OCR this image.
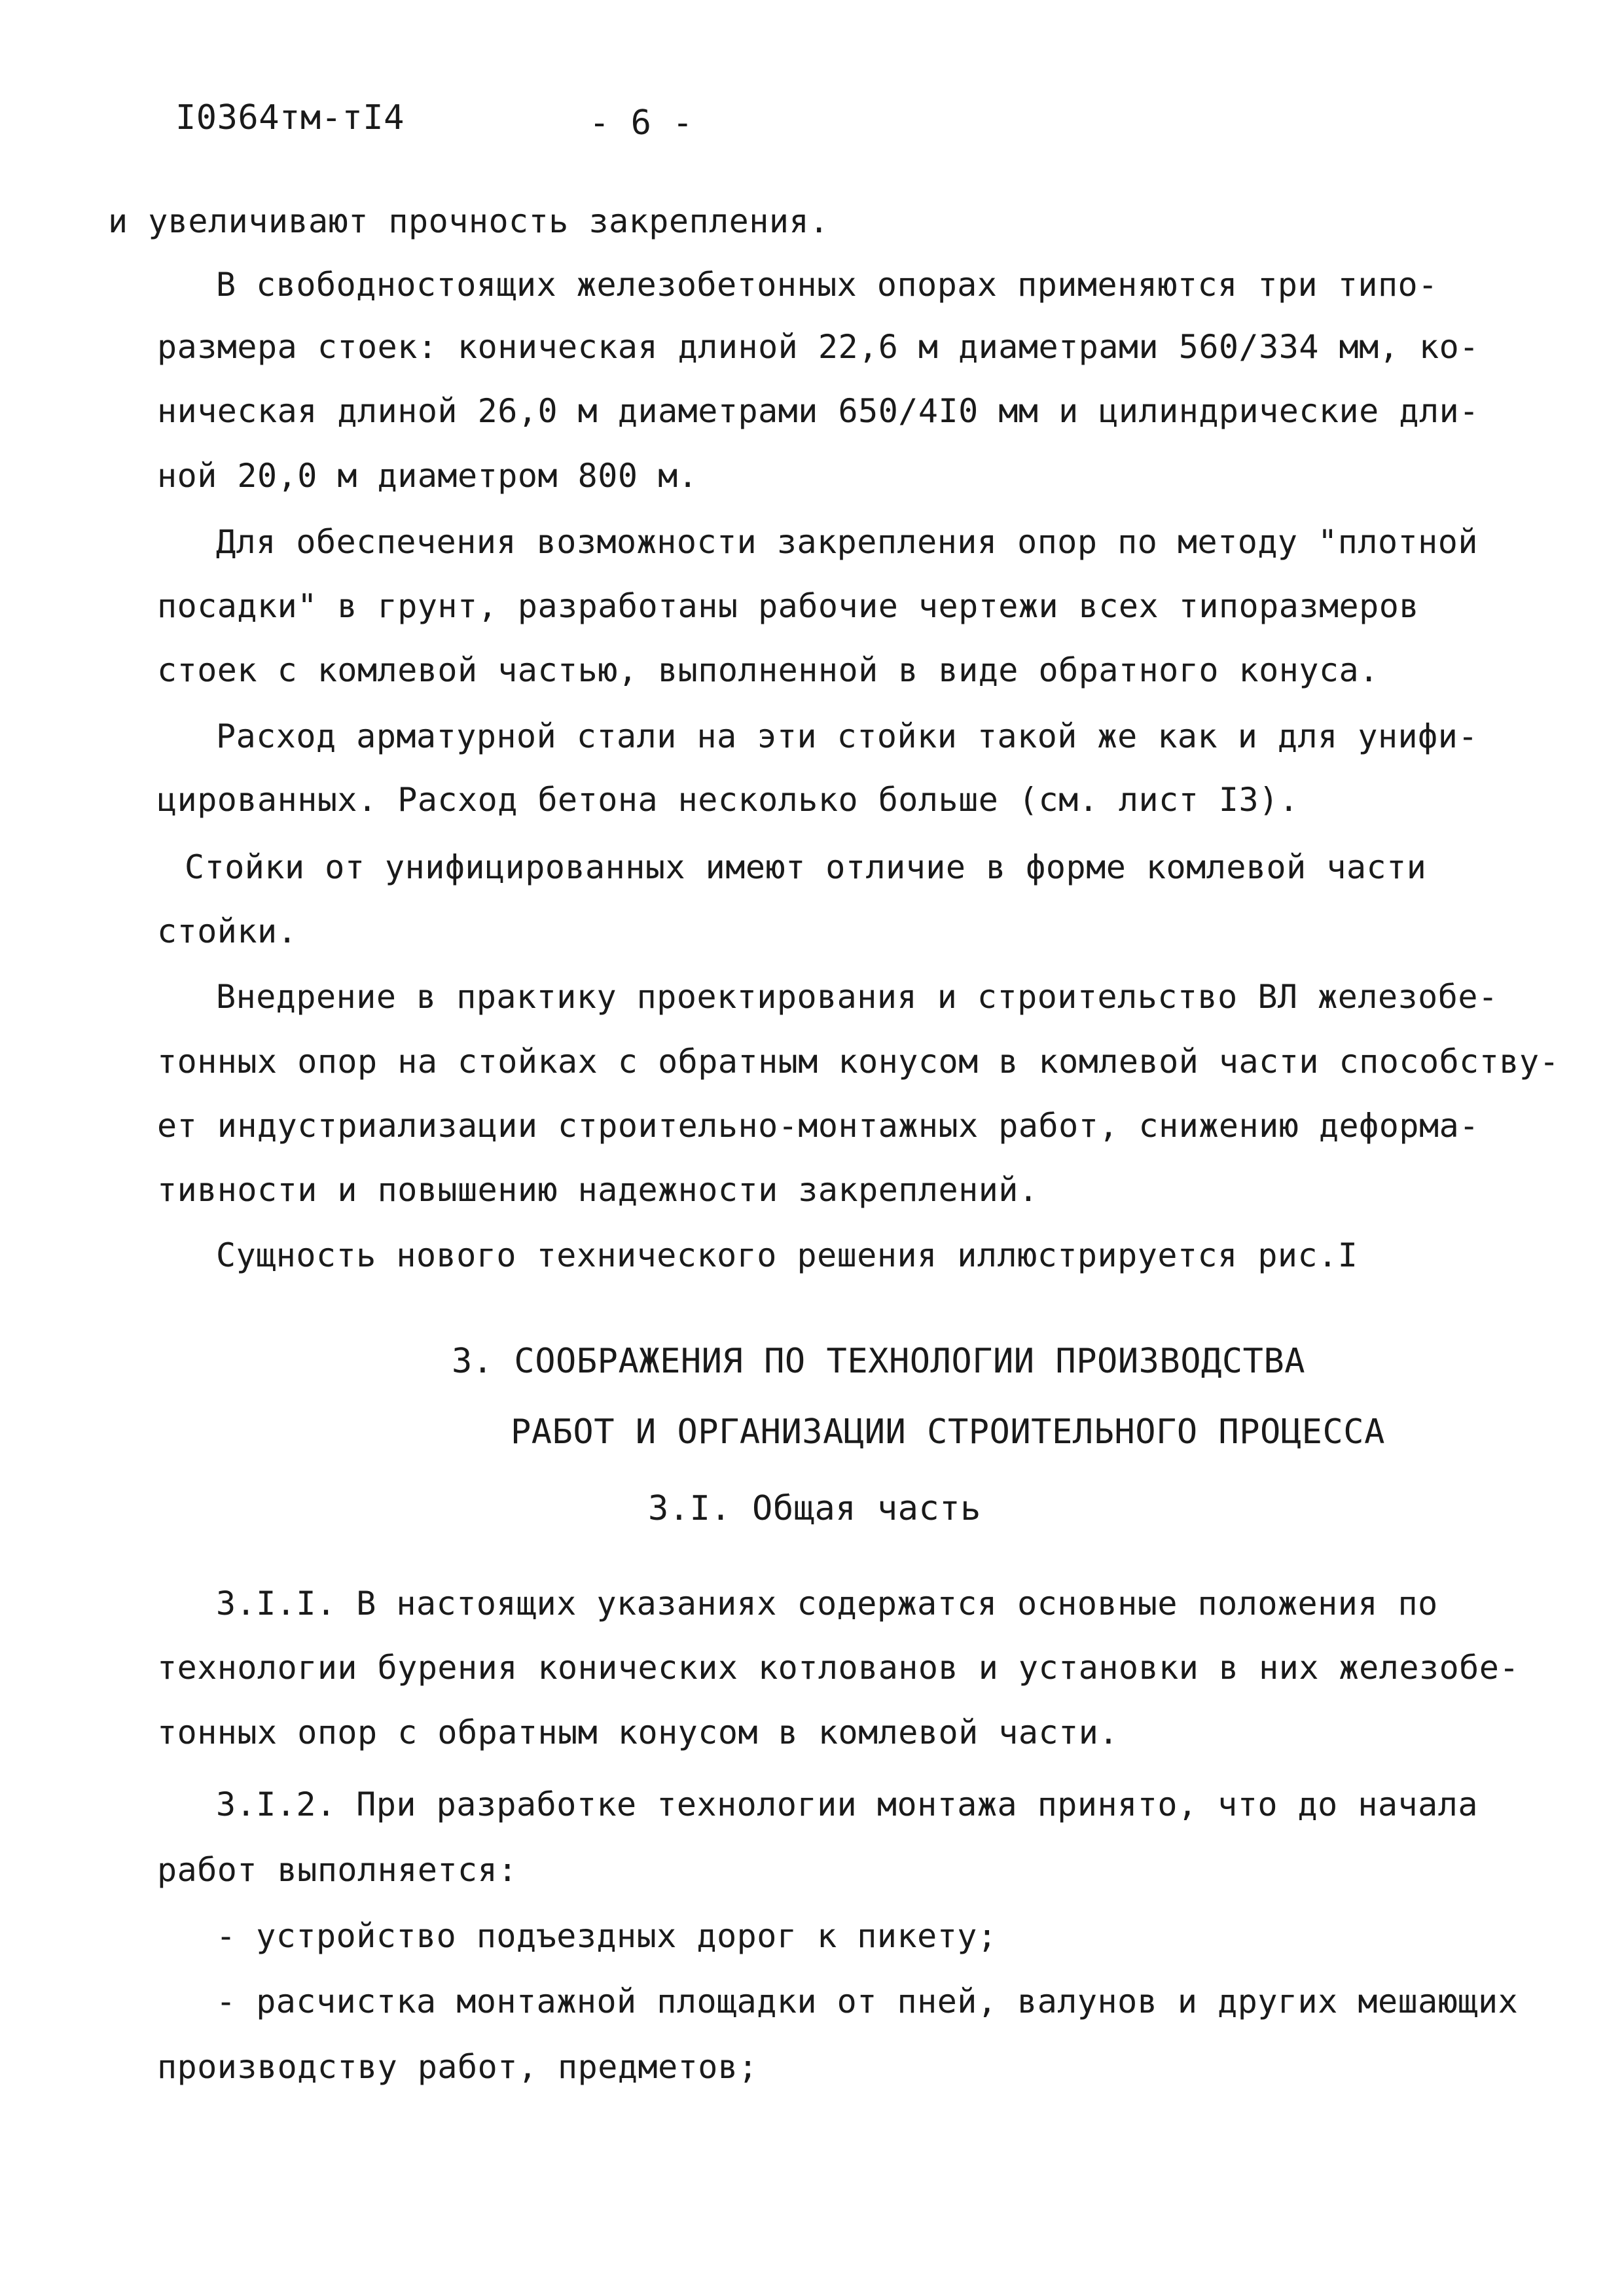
I0364тм-тI4	- 6 -
и увеличивают прочность закрепления.
В свободностоящих железобетонных опорах применяются три типо-
размера стоек: коническая длиной 22,6 м диаметрами 560/334 мм, ко-
ническая длиной 26,0 м диаметрами 650/4I0 мм и цилиндрические дли-
ной 20,0 м диаметром 800 м.
Для обеспечения возможности закрепления опор по методу "плотной
посадки" в грунт, разработаны рабочие чертежи всех типоразмеров
стоек с комлевой частью, выполненной в виде обратного конуса.
Расход арматурной стали на эти стойки такой же как и для унифи-
цированных. Расход бетона несколько больше (см. лист I3).
Стойки от унифицированных имеют отличие в форме комлевой части
стойки.
Внедрение в практику проектирования и строительство ВЛ железобе-
тонных опор на стойках с обратным конусом в комлевой части способству-
ет индустриализации строительно-монтажных работ, снижению деформа-
тивности и повышению надежности закреплений.
Сущность нового технического решения иллюстрируется рис.I
3. СООБРАЖЕНИЯ ПО ТЕХНОЛОГИИ ПРОИЗВОДСТВА
РАБОТ И ОРГАНИЗАЦИИ СТРОИТЕЛЬНОГО ПРОЦЕССА
3.I. Общая часть
3.I.I. В настоящих указаниях содержатся основные положения по
технологии бурения конических котлованов и установки в них железобе-
тонных опор с обратным конусом в комлевой части.
3.I.2. При разработке технологии монтажа принято, что до начала
работ выполняется:
- устройство подъездных дорог к пикету;
- расчистка монтажной площадки от пней, валунов и других мешающих
производству работ, предметов;
